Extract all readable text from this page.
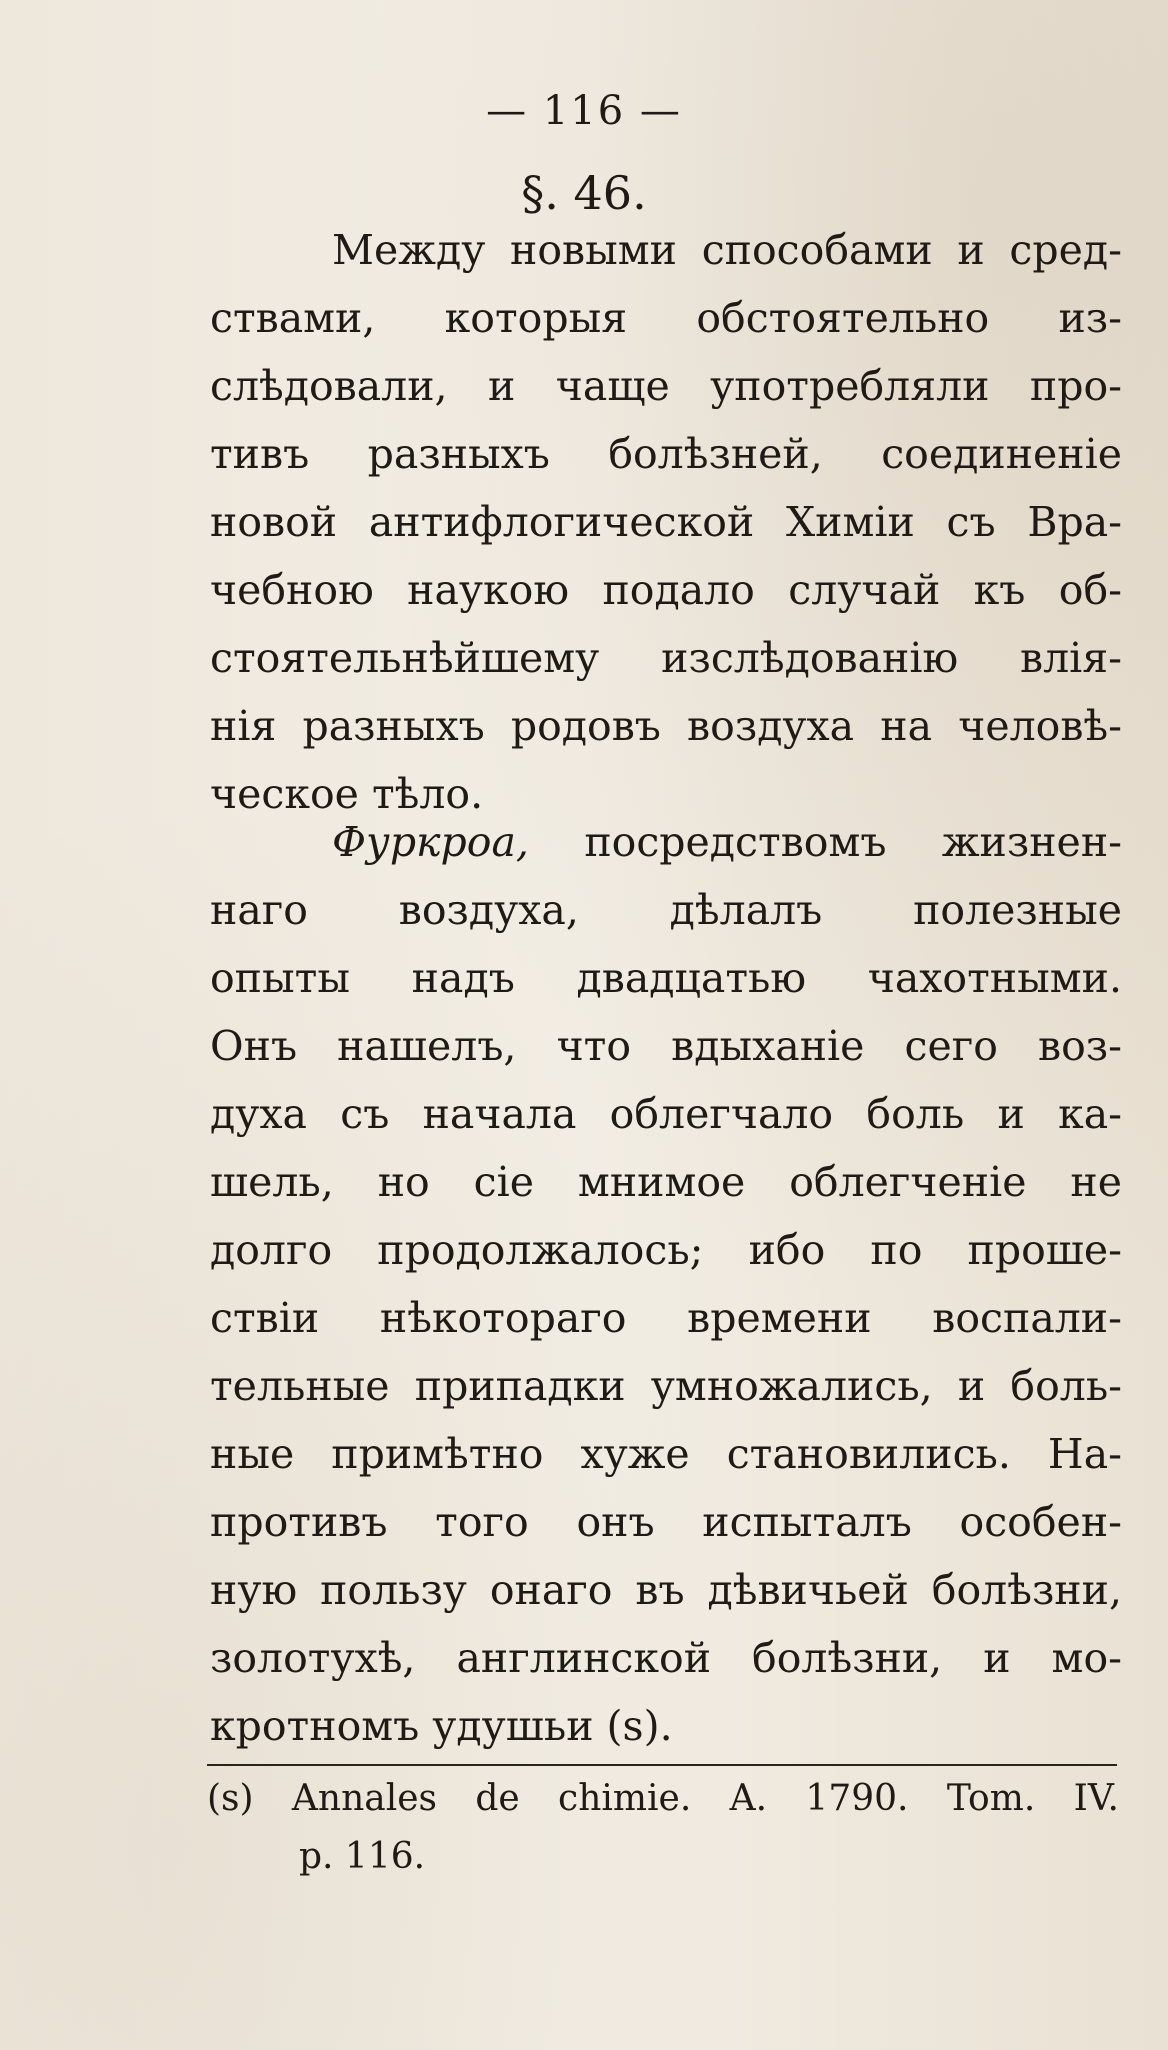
— 116 —
§. 46.
Между новыми способами и сред-
ствами, которыя обстоятельно из-
слѣдовали, и чаще употребляли про-
тивъ разныхъ болѣзней, соединенiе
новой антифлогической Химiи съ Вра-
чебною наукою подало случай къ об-
стоятельнѣйшему изслѣдованiю влiя-
нiя разныхъ родовъ воздуха на человѣ-
ческое тѣло.
Фуркроа, посредствомъ жизнен-
наго воздуха, дѣлалъ полезные
опыты надъ двадцатью чахотными.
Онъ нашелъ, что вдыханiе сего воз-
духа съ начала облегчало боль и ка-
шель, но сiе мнимое облегченiе не
долго продолжалось; ибо по проше-
ствiи нѣкотораго времени воспали-
тельные припадки умножались, и боль-
ные примѣтно хуже становились. На-
противъ того онъ испыталъ особен-
ную пользу онаго въ дѣвичьей болѣзни,
золотухѣ, англинской болѣзни, и мо-
кротномъ удушьи (s).
(s) Annales de chimie. A. 1790. Tom. IV.
p. 116.
